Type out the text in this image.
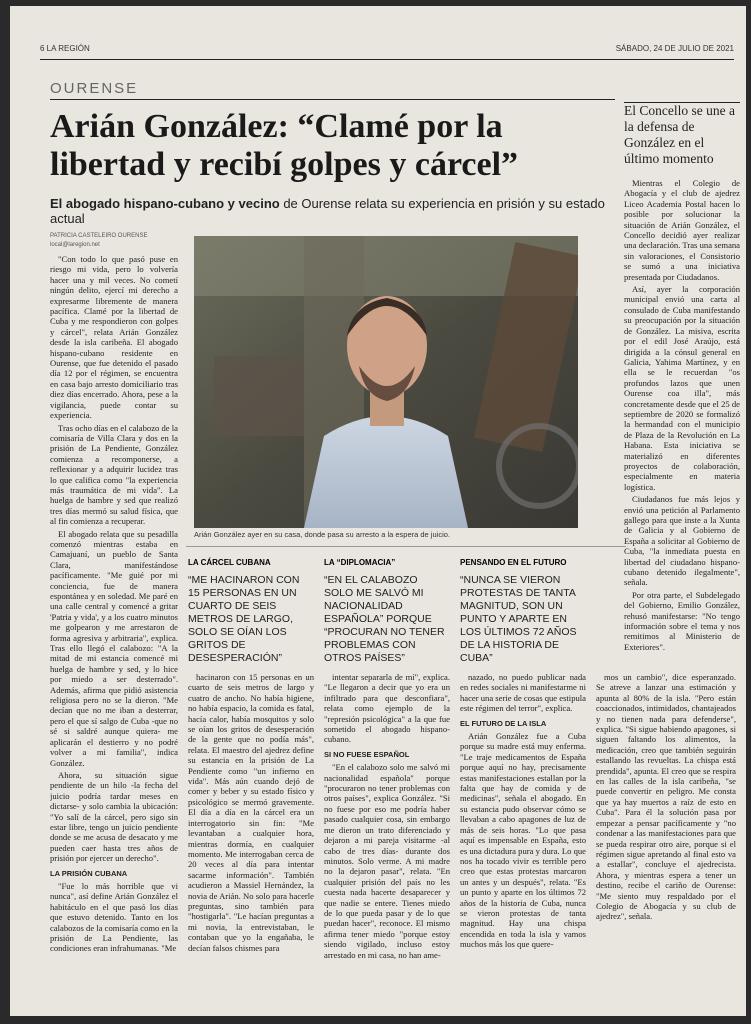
6 LA REGIÓN	SÁBADO, 24 DE JULIO DE 2021
OURENSE
Arián González: “Clamé por la libertad y recibí golpes y cárcel”
El abogado hispano-cubano y vecino de Ourense relata su experiencia en prisión y su estado actual
PATRICIA CASTELEIRO OURENSE
local@laregion.net

"Con todo lo que pasó puse en riesgo mi vida, pero lo volvería hacer una y mil veces. No cometí ningún delito, ejercí mi derecho a expresarme libremente de manera pacífica. Clamé por la libertad de Cuba y me respondieron con golpes y cárcel", relata Arián González desde la isla caribeña. El abogado hispano-cubano residente en Ourense, que fue detenido el pasado día 12 por el régimen, se encuentra en casa bajo arresto domiciliario tras diez días encerrado. Ahora, pese a la vigilancia, puede contar su experiencia.

Tras ocho días en el calabozo de la comisaría de Villa Clara y dos en la prisión de La Pendiente, González comienza a recomponerse, a reflexionar y a adquirir lucidez tras lo que califica como "la experiencia más traumática de mi vida". La huelga de hambre y sed que realizó tres días mermó su salud física, que al fin comienza a recuperar.

El abogado relata que su pesadilla comenzó mientras estaba en Camajuaní, un pueblo de Santa Clara, manifestándose pacíficamente. "Me guié por mi conciencia, fue de manera espontánea y en soledad. Me paré en una calle central y comencé a gritar 'Patria y vida', y a los cuatro minutos me golpearon y me arrestaron de forma agresiva y arbitraria", explica. Tras ello llegó el calabozo: "A la mitad de mi estancia comencé mi huelga de hambre y sed, y lo hice por miedo a ser desterrado". Además, afirma que pidió asistencia religiosa pero no se la dieron. "Me decían que no me iban a desterrar, pero el que sí salgo de Cuba -que no sé si saldré aunque quiera- me aplicarán el destierro y no podré volver a mi familia", indica González.

Ahora, su situación sigue pendiente de un hilo -la fecha del juicio podría tardar meses en dictarse- y solo cambia la ubicación: "Yo salí de la cárcel, pero sigo sin estar libre, tengo un juicio pendiente donde se me acusa de desacato y me pueden caer hasta tres años de prisión por ejercer un derecho".

LA PRISIÓN CUBANA

"Fue lo más horrible que vi nunca", así define Arián González el habitáculo en el que pasó los días que estuvo detenido. Tanto en los calabozos de la comisaría como en la prisión de La Pendiente, las condiciones eran infrahumanas. "Me

Arián González ayer en su casa, donde pasa su arresto a la espera de juicio.
LA CÁRCEL CUBANA
“ME HACINARON CON 15 PERSONAS EN UN CUARTO DE SEIS METROS DE LARGO, SOLO SE OÍAN LOS GRITOS DE DESESPERACIÓN”
LA “DIPLOMACIA”
“EN EL CALABOZO SOLO ME SALVÓ MI NACIONALIDAD ESPAÑOLA” PORQUE “PROCURAN NO TENER PROBLEMAS CON OTROS PAÍSES”
PENSANDO EN EL FUTURO
“NUNCA SE VIERON PROTESTAS DE TANTA MAGNITUD, SON UN PUNTO Y APARTE EN LOS ÚLTIMOS 72 AÑOS DE LA HISTORIA DE CUBA”

hacinaron con 15 personas en un cuarto de seis metros de largo y cuatro de ancho. No había higiene, no había espacio, la comida es fatal, hacía calor, había mosquitos y solo se oían los gritos de desesperación de la gente que no podía más", relata. El maestro del ajedrez define su estancia en la prisión de La Pendiente como "un infierno en vida". Más aún cuando dejó de comer y beber y su estado físico y psicológico se mermó gravemente. El día a día en la cárcel era un interrogatorio sin fin: "Me levantaban a cualquier hora, mientras dormía, en cualquier momento. Me interrogaban cerca de 20 veces al día para intentar sacarme información". También acudieron a Massiel Hernández, la novia de Arián. No solo para hacerle preguntas, sino también para "hostigarla". "Le hacían preguntas a mi novia, la entrevistaban, le contaban que yo la engañaba, le decían falsos chismes para

intentar separarla de mí", explica. "Le llegaron a decir que yo era un infiltrado para que desconfiara", relata como ejemplo de la "represión psicológica" a la que fue sometido el abogado hispano-cubano.

SI NO FUESE ESPAÑOL

"En el calabozo solo me salvó mi nacionalidad española" porque "procuraron no tener problemas con otros países", explica González. "Si no fuese por eso me podría haber pasado cualquier cosa, sin embargo me dieron un trato diferenciado y dejaron a mi pareja visitarme -al cabo de tres días- durante dos minutos. Solo verme. A mi madre no la dejaron pasar", relata. "En cualquier prisión del país no les cuesta nada hacerte desaparecer y que nadie se entere. Tienes miedo de lo que pueda pasar y de lo que puedan hacer", reconoce. El mismo afirma tener miedo "porque estoy siendo vigilado, incluso estoy arrestado en mi casa, no han ame-

nazado, no puedo publicar nada en redes sociales ni manifestarme ni hacer una serie de cosas que estipula este régimen del terror", explica.

EL FUTURO DE LA ISLA

Arián González fue a Cuba porque su madre está muy enferma. "Le traje medicamentos de España porque aquí no hay, precisamente estas manifestaciones estallan por la falta que hay de comida y de medicinas", señala el abogado. En su estancia pudo observar cómo se llevaban a cabo apagones de luz de más de seis horas. "Lo que pasa aquí es impensable en España, esto es una dictadura pura y dura. Lo que nos ha tocado vivir es terrible pero creo que estas protestas marcaron un antes y un después", relata. "Es un punto y aparte en los últimos 72 años de la historia de Cuba, nunca se vieron protestas de tanta magnitud. Hay una chispa encendida en toda la isla y vamos muchos más los que quere-

mos un cambio", dice esperanzado. Se atreve a lanzar una estimación y apunta al 80% de la isla. "Pero están coaccionados, intimidados, chantajeados y no tienen nada para defenderse", explica. "Si sigue habiendo apagones, si siguen faltando los alimentos, la medicación, creo que también seguirán estallando las revueltas. La chispa está prendida", apunta. El creo que se respira en las calles de la isla caribeña, "se puede convertir en peligro. Me consta que ya hay muertos a raíz de esto en Cuba". Para él la solución pasa por empezar a pensar pacíficamente y "no condenar a las manifestaciones para que se pueda respirar otro aire, porque si el régimen sigue apretando al final esto va a estallar", concluye el ajedrecista. Ahora, y mientras espera a tener un destino, recibe el cariño de Ourense: "Me siento muy respaldado por el Colegio de Abogacía y su club de ajedrez", señala.

El Concello se une a la defensa de González en el último momento

Mientras el Colegio de Abogacía y el club de ajedrez Liceo Academia Postal hacen lo posible por solucionar la situación de Arián González, el Concello decidió ayer realizar una declaración. Tras una semana sin valoraciones, el Consistorio se sumó a una iniciativa presentada por Ciudadanos.

Así, ayer la corporación municipal envió una carta al consulado de Cuba manifestando su preocupación por la situación de González. La misiva, escrita por el edil José Araújo, está dirigida a la cónsul general en Galicia, Yahima Martínez, y en ella se le recuerdan "os profundos lazos que unen Ourense coa illa", más concretamente desde que el 25 de septiembre de 2020 se formalizó la hermandad con el municipio de Plaza de la Revolución en La Habana. Esta iniciativa se materializó en diferentes proyectos de colaboración, especialmente en materia logística.

Ciudadanos fue más lejos y envió una petición al Parlamento gallego para que inste a la Xunta de Galicia y al Gobierno de España a solicitar al Gobierno de Cuba, "la inmediata puesta en libertad del ciudadano hispano-cubano detenido ilegalmente", señala.

Por otra parte, el Subdelegado del Gobierno, Emilio González, rehusó manifestarse: "No tengo información sobre el tema y nos remitimos al Ministerio de Exteriores".
